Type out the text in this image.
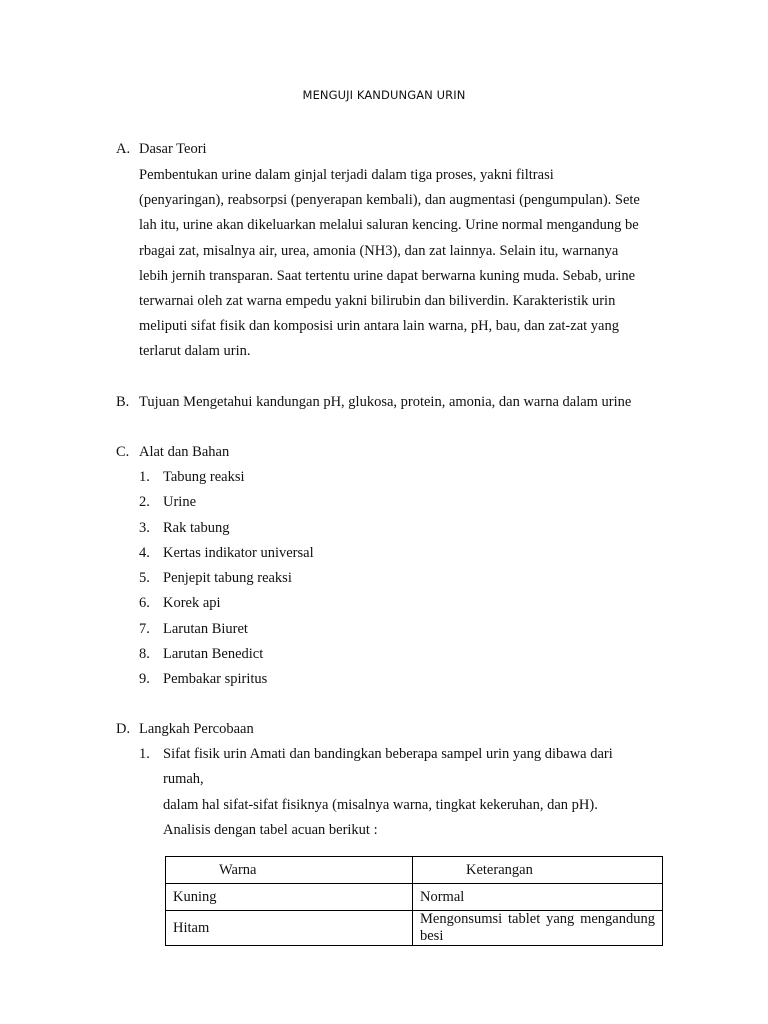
MENGUJI KANDUNGAN URIN
A. Dasar Teori
Pembentukan urine dalam ginjal terjadi dalam tiga proses, yakni filtrasi
(penyaringan), reabsorpsi (penyerapan kembali), dan augmentasi (pengumpulan). Sete
lah itu, urine akan dikeluarkan melalui saluran kencing. Urine normal mengandung be
rbagai zat, misalnya air, urea, amonia (NH3), dan zat lainnya. Selain itu, warnanya
lebih jernih transparan. Saat tertentu urine dapat berwarna kuning muda. Sebab, urine
terwarnai oleh zat warna empedu yakni bilirubin dan biliverdin. Karakteristik urin
meliputi sifat fisik dan komposisi urin antara lain warna, pH, bau, dan zat-zat yang
terlarut dalam urin.
B. Tujuan Mengetahui kandungan pH, glukosa, protein, amonia, dan warna dalam urine
C. Alat dan Bahan
1. Tabung reaksi
2. Urine
3. Rak tabung
4. Kertas indikator universal
5. Penjepit tabung reaksi
6. Korek api
7. Larutan Biuret
8. Larutan Benedict
9. Pembakar spiritus
D. Langkah Percobaan
1. Sifat fisik urin Amati dan bandingkan beberapa sampel urin yang dibawa dari
rumah,
dalam hal sifat-sifat fisiknya (misalnya warna, tingkat kekeruhan, dan pH).
Analisis dengan tabel acuan berikut :
Warna	Keterangan
Kuning	Normal
Hitam	Mengonsumsi tablet yang mengandung besi
